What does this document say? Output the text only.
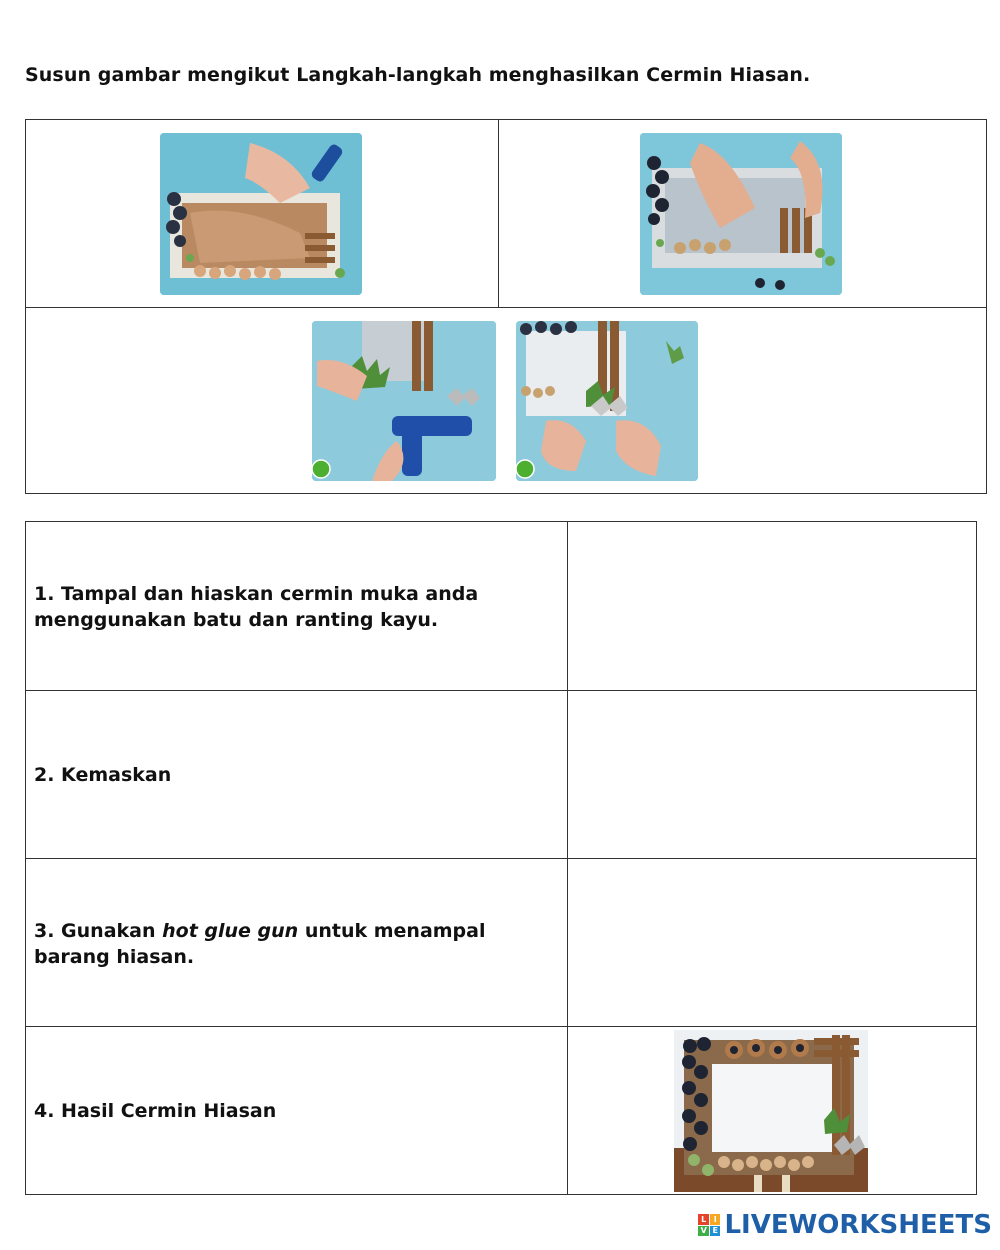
Susun gambar mengikut Langkah-langkah menghasilkan Cermin Hiasan.
1. Tampal dan hiaskan cermin muka anda menggunakan batu dan ranting kayu.
2. Kemaskan
3. Gunakan hot glue gun untuk menampal barang hiasan.
4. Hasil Cermin Hiasan
L I
V E LIVEWORKSHEETS
